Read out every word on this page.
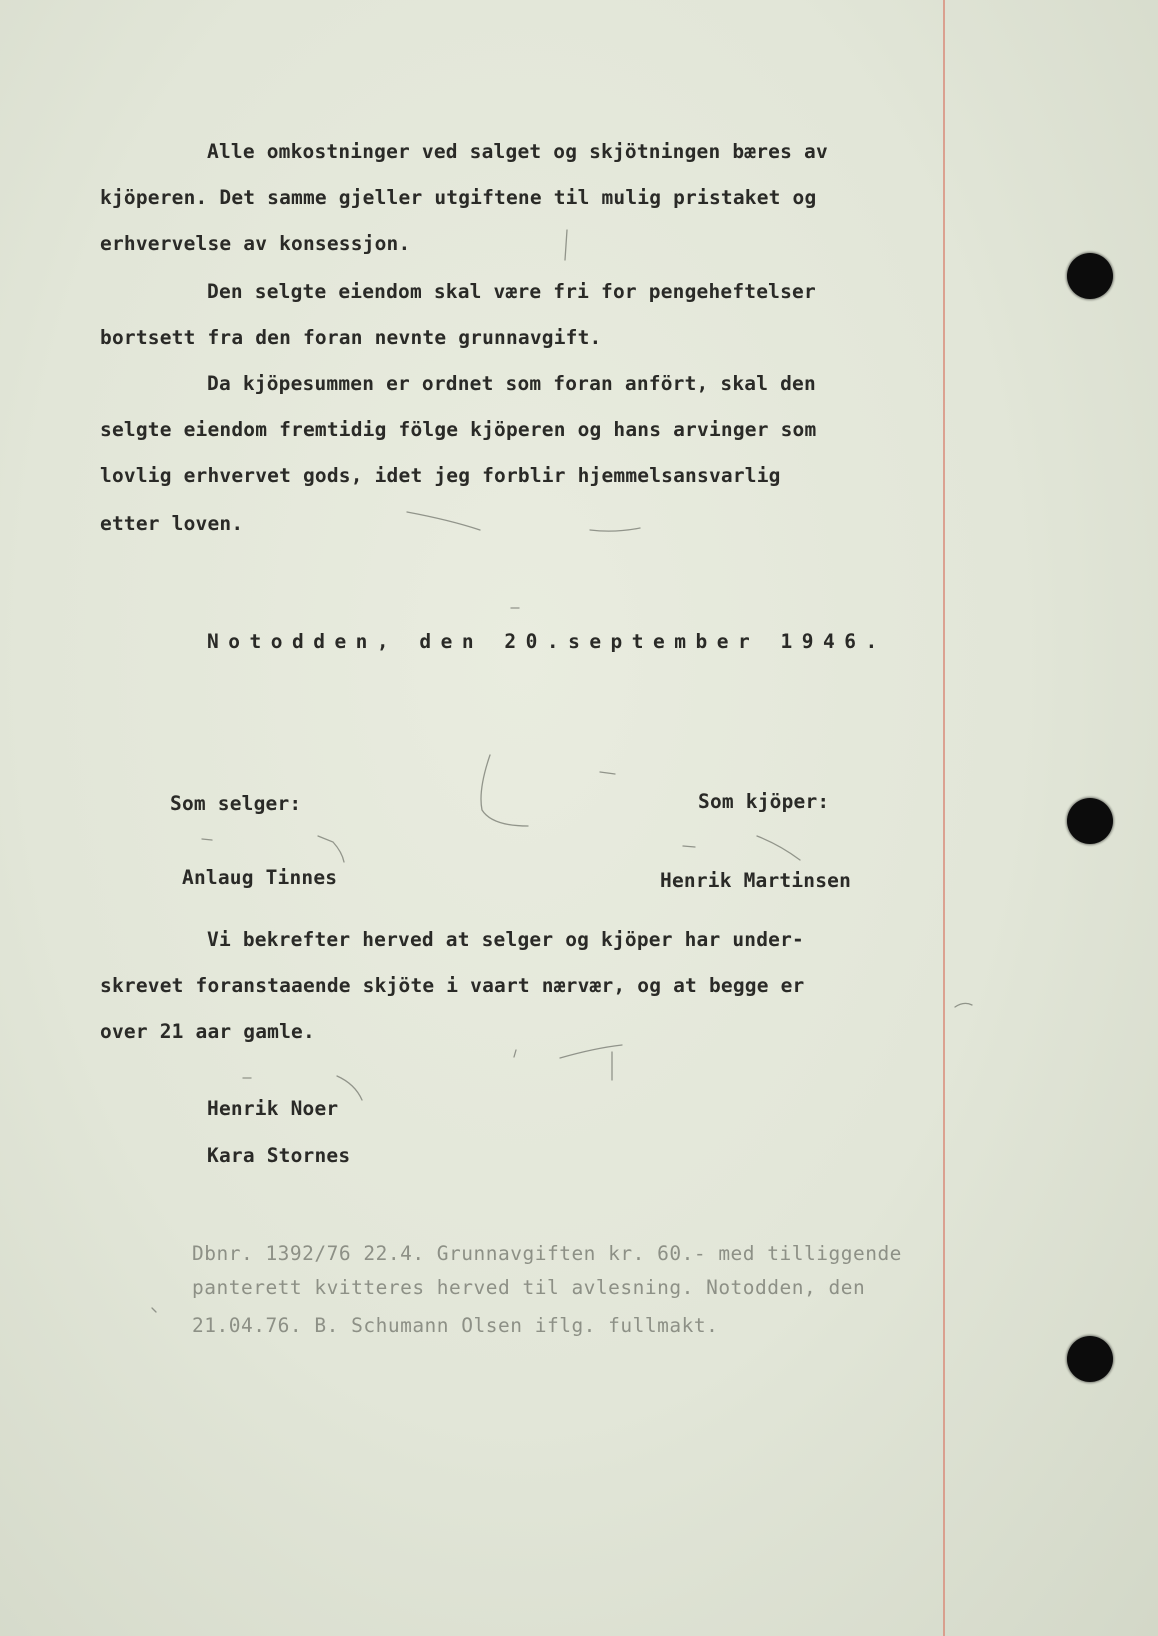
Alle omkostninger ved salget og skjötningen bæres av

kjöperen. Det samme gjeller utgiftene til mulig pristaket og

erhvervelse av konsessjon.

Den selgte eiendom skal være fri for pengeheftelser

bortsett fra den foran nevnte grunnavgift.

Da kjöpesummen er ordnet som foran anfört, skal den

selgte eiendom fremtidig fölge kjöperen og hans arvinger som

lovlig erhvervet gods, idet jeg forblir hjemmelsansvarlig

etter loven.

Notodden, den 20.september 1946.

Som selger:	Som kjöper:

Anlaug Tinnes	Henrik Martinsen

Vi bekrefter herved at selger og kjöper har under-

skrevet foranstaaende skjöte i vaart nærvær, og at begge er

over 21 aar gamle.

Henrik Noer

Kara Stornes

Dbnr. 1392/76 22.4. Grunnavgiften kr. 60.- med tilliggende

panterett kvitteres herved til avlesning. Notodden, den

21.04.76. B. Schumann Olsen iflg. fullmakt.
